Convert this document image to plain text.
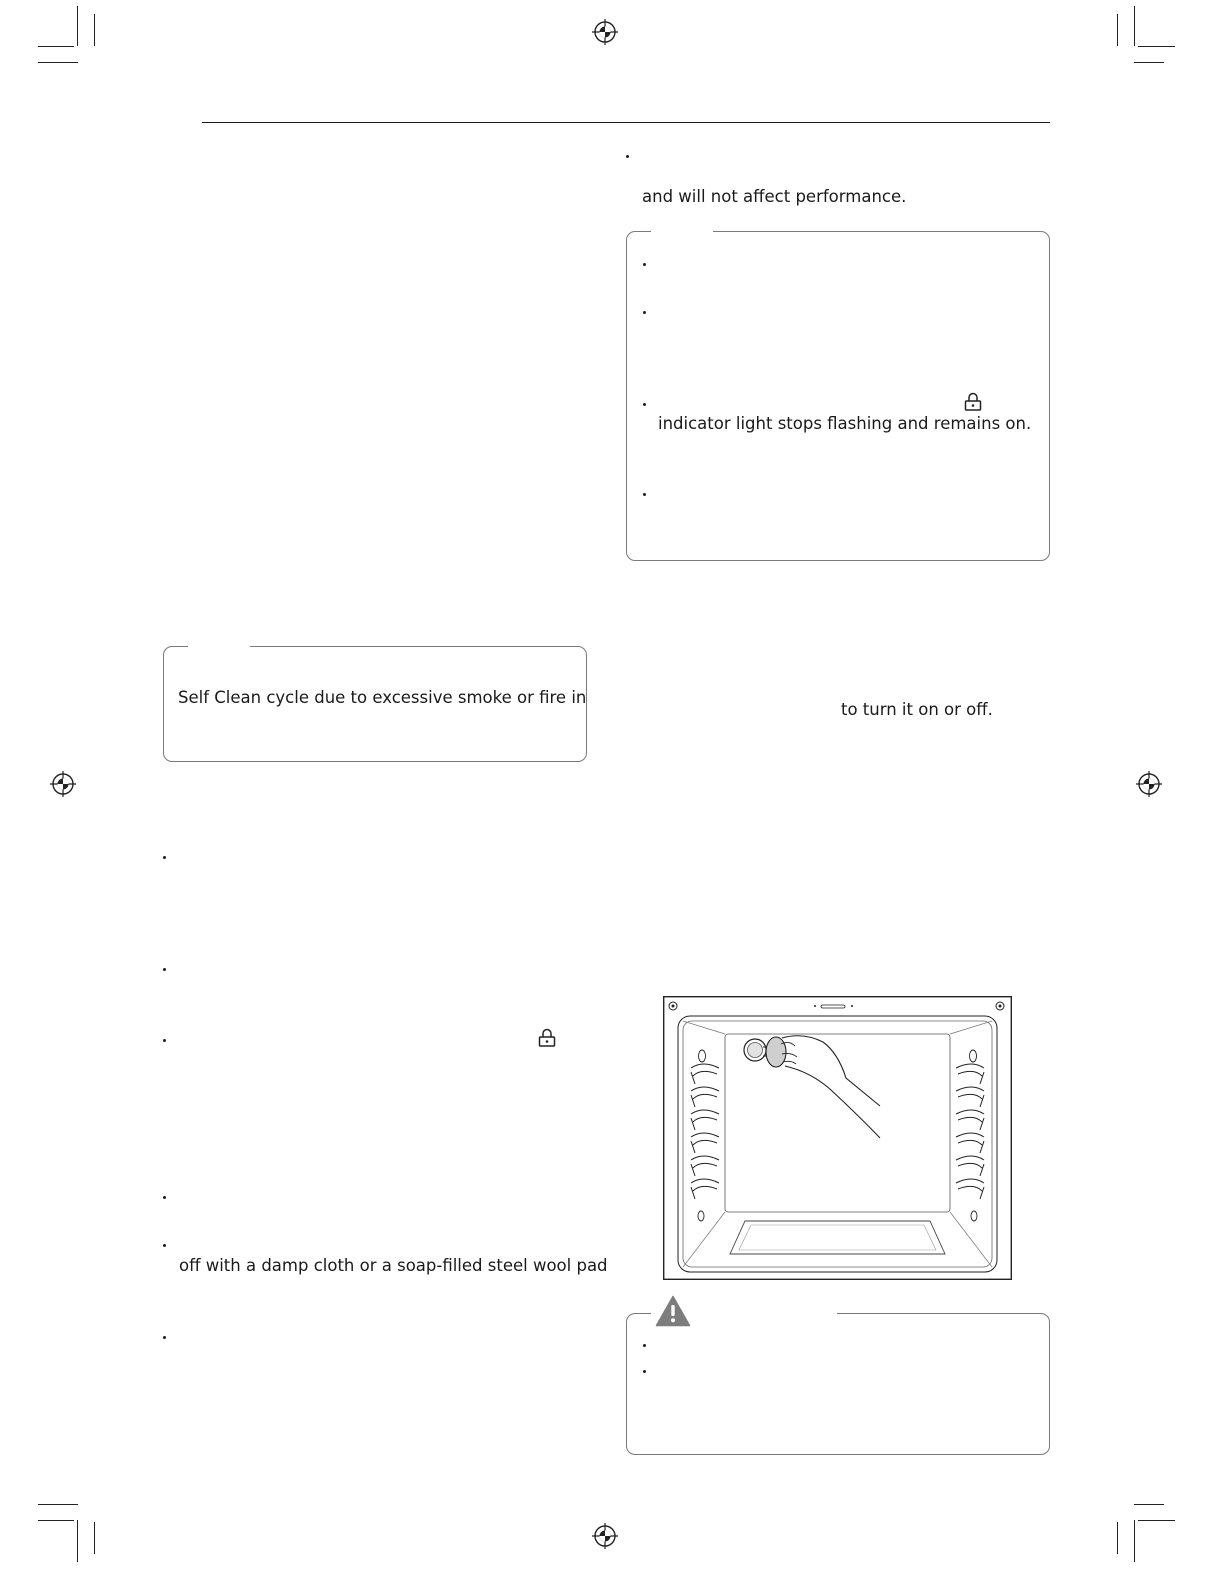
and will not affect performance.
indicator light stops flashing and remains on.
Self Clean cycle due to excessive smoke or fire in
to turn it on or off.
off with a damp cloth or a soap-filled steel wool pad
